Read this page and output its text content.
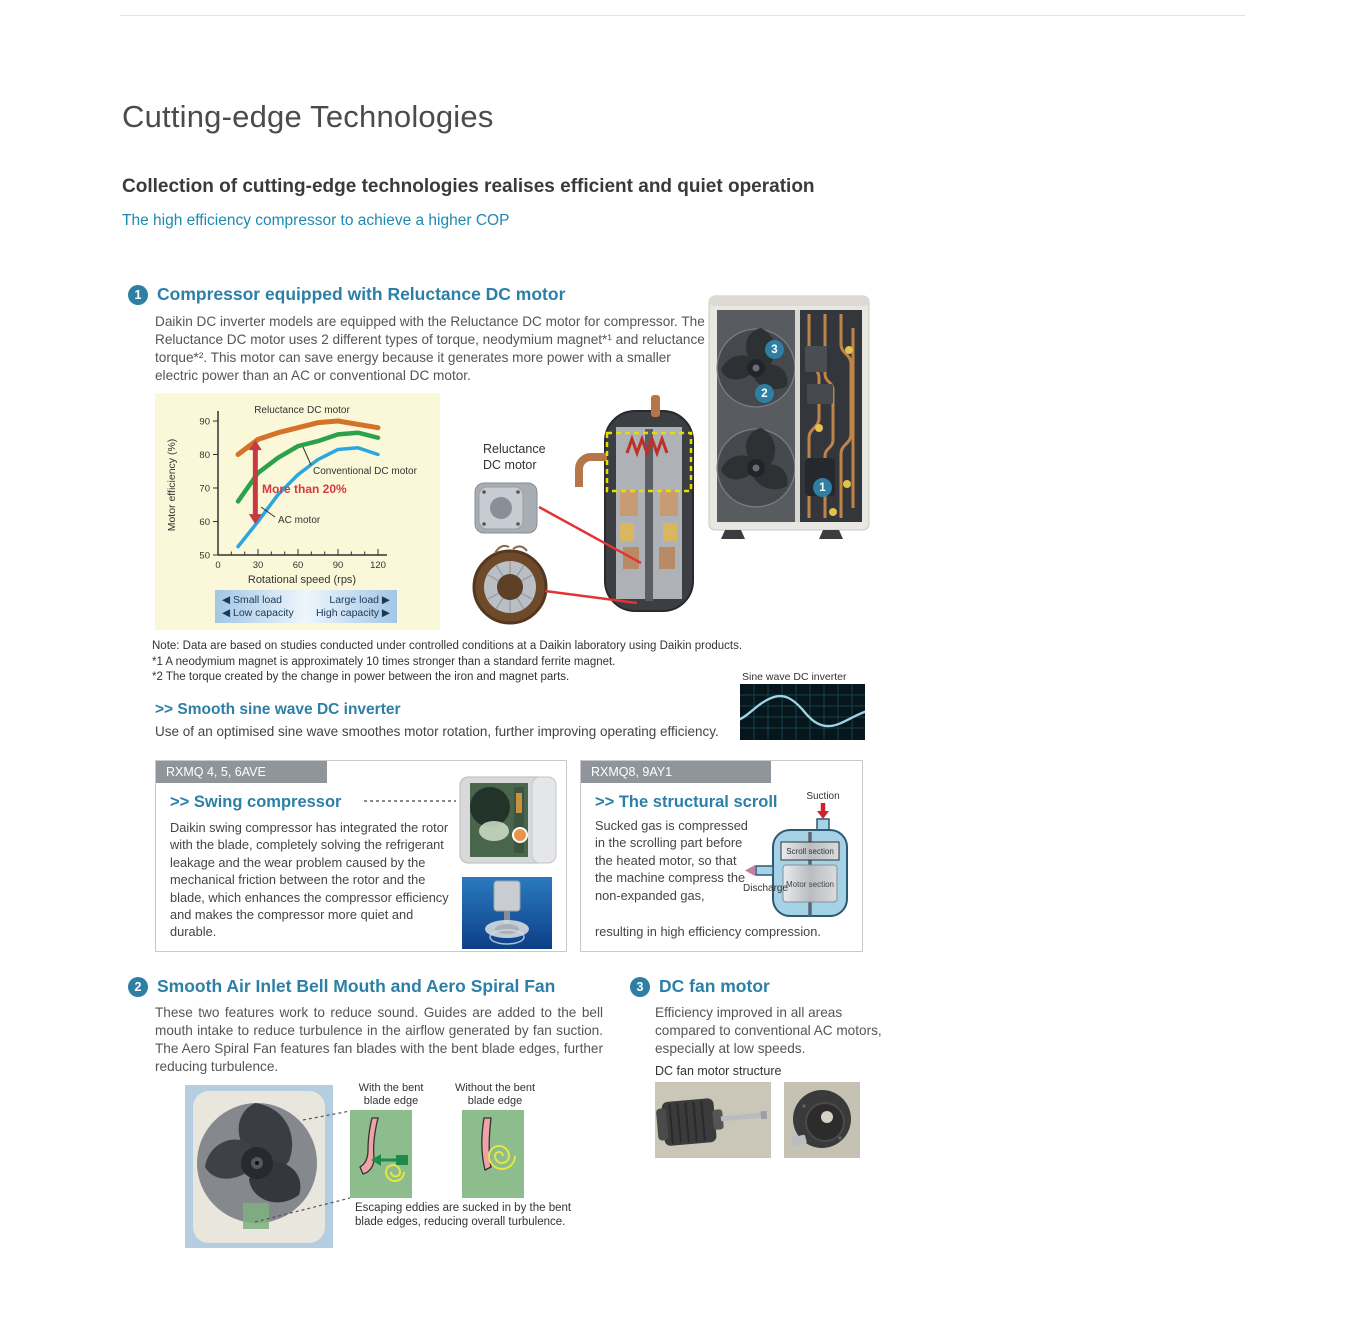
Cutting-edge Technologies
Collection of cutting-edge technologies realises efficient and quiet operation
The high efficiency compressor to achieve a higher COP
1 Compressor equipped with Reluctance DC motor
Daikin DC inverter models are equipped with the Reluctance DC motor for compressor. The Reluctance DC motor uses 2 different types of torque, neodymium magnet*¹ and reluctance torque*². This motor can save energy because it generates more power with a smaller electric power than an AC or conventional DC motor.
0	30	60	90	120
50
60
70
80
90
Reluctance DC motor
Conventional DC motor
AC motor
More than 20%
Motor efficiency (%)
Rotational speed (rps)
◀ Small load
◀ Low capacity
Large load ▶
High capacity ▶
Reluctance DC motor
3
2
1
Note: Data are based on studies conducted under controlled conditions at a Daikin laboratory using Daikin products.
*1 A neodymium magnet is approximately 10 times stronger than a standard ferrite magnet.
*2 The torque created by the change in power between the iron and magnet parts.	Sine wave DC inverter
>> Smooth sine wave DC inverter
Use of an optimised sine wave smoothes motor rotation, further improving operating efficiency.
RXMQ 4, 5, 6AVE
>> Swing compressor
Daikin swing compressor has integrated the rotor with the blade, completely solving the refrigerant leakage and the wear problem caused by the mechanical friction between the rotor and the blade, which enhances the compressor efficiency and makes the compressor more quiet and durable.
RXMQ8, 9AY1
>> The structural scroll
Sucked gas is compressed in the scrolling part before the heated motor, so that the machine compress the non-expanded gas,
resulting in high efficiency compression.
Suction
Scroll section
Motor section
Discharge
2 Smooth Air Inlet Bell Mouth and Aero Spiral Fan
These two features work to reduce sound. Guides are added to the bell mouth intake to reduce turbulence in the airflow generated by fan suction. The Aero Spiral Fan features fan blades with the bent blade edges, further reducing turbulence.
With the bent blade edge
Without the bent blade edge
Escaping eddies are sucked in by the bent blade edges, reducing overall turbulence.
3 DC fan motor
Efficiency improved in all areas compared to conventional AC motors, especially at low speeds.
DC fan motor structure
